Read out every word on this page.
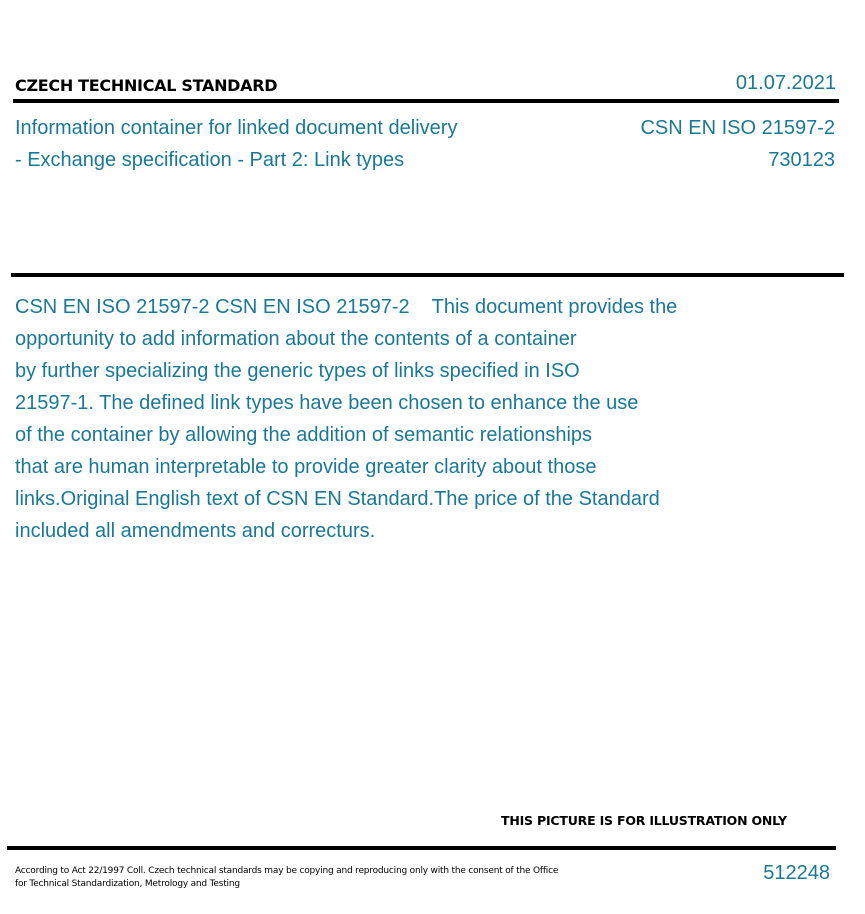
CZECH TECHNICAL STANDARD	01.07.2021
Information container for linked document delivery
- Exchange specification - Part 2: Link types
CSN EN ISO 21597-2
730123
CSN EN ISO 21597-2 CSN EN ISO 21597-2 This document provides the
opportunity to add information about the contents of a container
by further specializing the generic types of links specified in ISO
21597-1. The defined link types have been chosen to enhance the use
of the container by allowing the addition of semantic relationships
that are human interpretable to provide greater clarity about those
links.Original English text of CSN EN Standard.The price of the Standard
included all amendments and correcturs.
THIS PICTURE IS FOR ILLUSTRATION ONLY
According to Act 22/1997 Coll. Czech technical standards may be copying and reproducing only with the consent of the Office
for Technical Standardization, Metrology and Testing	512248
